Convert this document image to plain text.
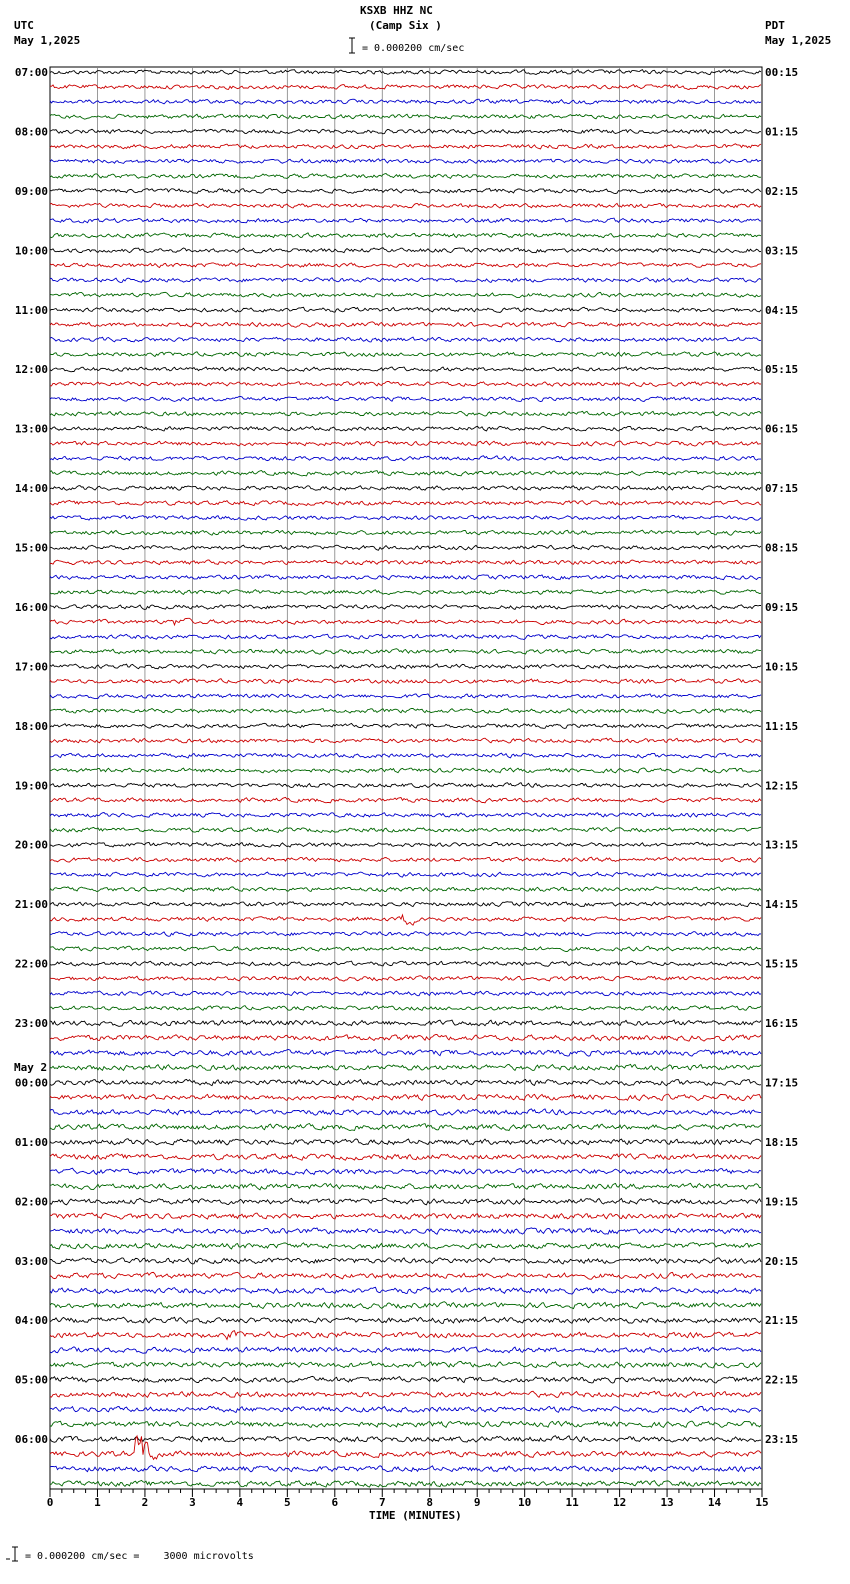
0	1	2	3	4	5	6	7	8	9	10	11	12	13	14	15
07:00	00:15
08:00	01:15
09:00	02:15
10:00	03:15
11:00	04:15
12:00	05:15
13:00	06:15
14:00	07:15
15:00	08:15
16:00	09:15
17:00	10:15
18:00	11:15
19:00	12:15
20:00	13:15
21:00	14:15
22:00	15:15
23:00	16:15
00:00	17:15
01:00	18:15
02:00	19:15
03:00	20:15
04:00	21:15
05:00	22:15
06:00	23:15
KSXB HHZ NC
(Camp Six )
= 0.000200 cm/sec
UTC
May 1,2025
PDT
May 1,2025
May 2
TIME (MINUTES)
= 0.000200 cm/sec =    3000 microvolts
